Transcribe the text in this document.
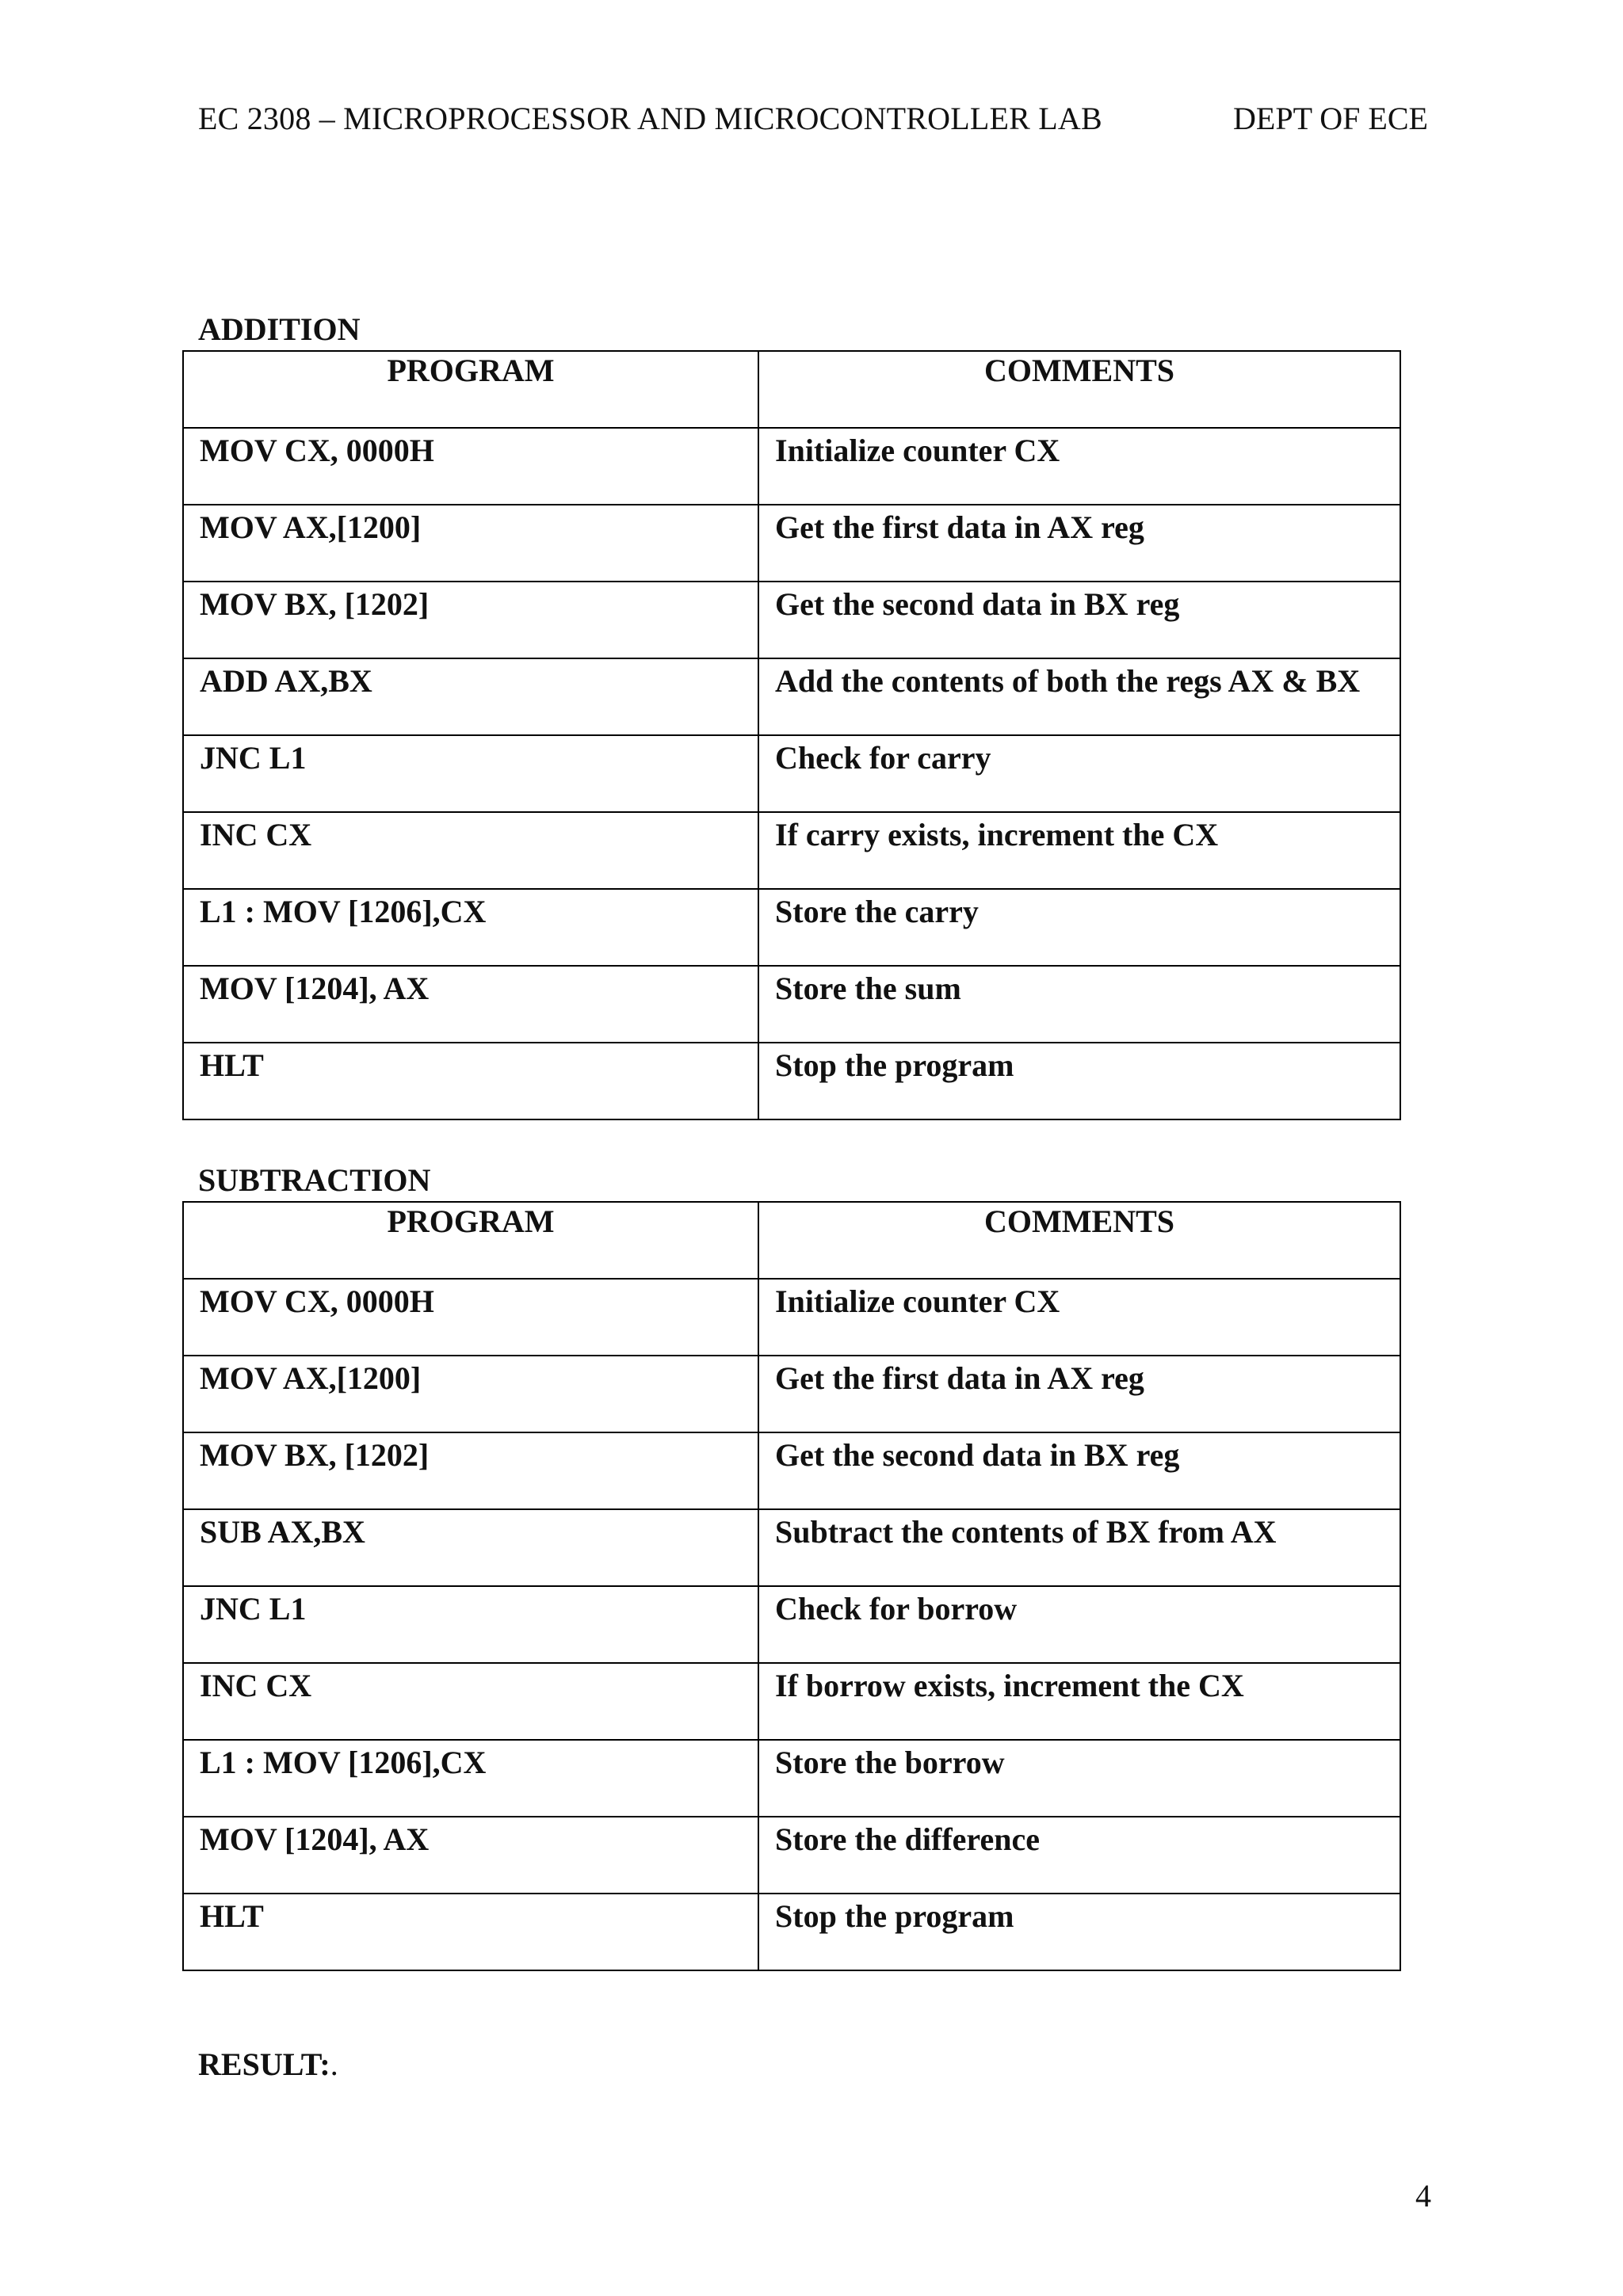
EC 2308 – MICROPROCESSOR AND MICROCONTROLLER LAB	DEPT OF ECE
ADDITION
PROGRAM	COMMENTS
MOV CX, 0000H	Initialize counter CX
MOV AX,[1200]	Get the first data in AX reg
MOV BX, [1202]	Get the second data in BX reg
ADD AX,BX	Add the contents of both the regs AX & BX
JNC L1	Check for carry
INC CX	If carry exists, increment the CX
L1 : MOV [1206],CX	Store the carry
MOV [1204], AX	Store the sum
HLT	Stop the program
SUBTRACTION
PROGRAM	COMMENTS
MOV CX, 0000H	Initialize counter CX
MOV AX,[1200]	Get the first data in AX reg
MOV BX, [1202]	Get the second data in BX reg
SUB AX,BX	Subtract the contents of BX from AX
JNC L1	Check for borrow
INC CX	If borrow exists, increment the CX
L1 : MOV [1206],CX	Store the borrow
MOV [1204], AX	Store the difference
HLT	Stop the program
RESULT:.
4
